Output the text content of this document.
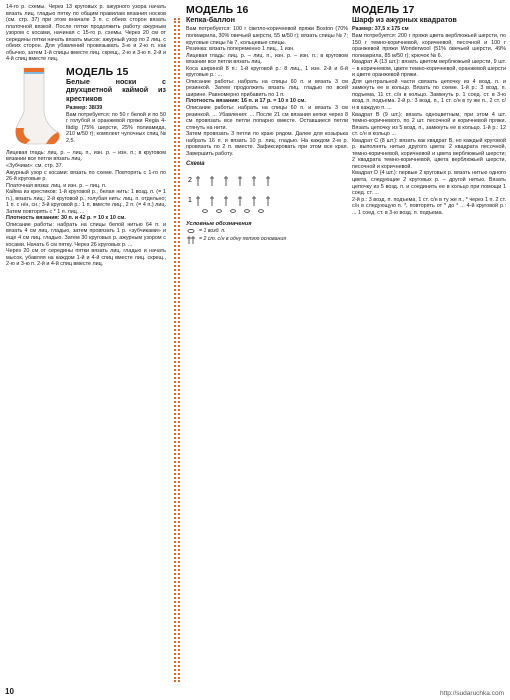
14-го р. схемы. Через 13 круговых р. ажурного узора начать вязать лиц. гладью пятку по общим правилам вязания носков (см. стр. 37) при этом вначале 3 п. с обеих сторон вязать платочной вязкой. После пятки продолжить работу ажурным узором с косами, начиная с 15-го р. схемы. Через 20 см от середины пятки начать вязать мысок: ажурный узор по 2 лиц. с обеих сторон. Для убавлений провязывать 3-ю и 2-ю п. как обычно, затем 1-й спицы вместе лиц. скрещ., 2-ю и 3-ю п. 2-й и 4-й спиц вместе лиц.

МОДЕЛЬ 15
Белые носки с двухцветной каймой из крестиков

Размер: 38/39

Вам потребуется: по 50 г белой и по 50 г голубой и оранжевой пряжи Regia 4-fädig (75% шерсти, 25% полиамида, 210 м/50 г); комплект чулочных спиц № 2,5.

Лицевая гладь: лиц. р. – лиц. п., изн. р. – изн. п.; в круговом вязании все петли вязать лиц.

«Зубчики»: см. стр. 37.

Ажурный узор с косами: вязать по схеме. Повторять с 1-го по 26-й круговые р.

Платочная вязка: лиц. и изн. р. – лиц. п.

Кайма из крестиков: 1-й круговой р., белая нить: 1 возд. п. (= 1 п.), вязать лиц.; 2-й круговой р., голубая нить: лиц. п. отдельно; 1 п. с н/н, сн.; 3-й круговой р.: 1 п. вместе лиц., 2 п. (= 4 п.) лиц. Затем повторять с * 1 п. лиц. ...

Плотность вязания: 30 п. и 42 р. = 10 х 10 см.

Описание работы: набрать на спицы белой нитью 64 п. и вязать 4 см лиц. гладью, затем провязать 1 р. «зубчиками» и еще 4 см лиц. гладью. Затем 30 круговых р. ажурным узором с косами. Начать 6 см пятку. Через 26 круговых р. ...

Через 20 см от середины пятки вязать лиц. гладью и начать мысок, убавляя на каждом 1-й и 4-й спиц вместе лиц. скрещ., 2-ю и 3-ю п. 2-й и 4-й спиц вместе лиц.

МОДЕЛЬ 16
Кепка-баллон

Вам потребуется: 100 г светло-коричневой пряжи Boston (70% полиакрила, 30% овечьей шерсти, 55 м/50 г); вязать спицы № 7; круговые спицы № 7, кольцевые спицы.

Резинка: вязать попеременно 1 лиц., 1 изн.

Лицевая гладь: лиц. р. – лиц. п., изн. р. – изн. п.; в круговом вязании все петли вязать лиц.

Коса шириной 8 п.: 1-й круговой р.: 8 лиц., 1 изн. 2-й и 6-й круговые р.: ...

Описание работы: набрать на спицы 60 п. и вязать 3 см резинкой. Затем продолжить вязать лиц. гладью по всей ширине. Равномерно прибавить по 1 п.

Плотность вязания: 16 п. и 17 р. = 10 х 10 см.

Описание работы: набрать на спицы 60 п. и вязать 3 см резинкой. ... Убавления: ... После 21 см вязания кепки через 8 см провязать все петли попарно вместе. Оставшиеся петли стянуть на нити.

Затем провязать 3 петли по краю рядом. Далее для козырька набрать 16 п. и вязать 10 р. лиц. гладью. На каждом 2-м р. провязать по 2 п. вместе. Зафиксировать при этом все края. Завершить работу.

Схема
2
1
Условные обозначения
= 1 возд. п.
= 2 ст. с/н в одну петлю основания
МОДЕЛЬ 17
Шарф из ажурных квадратов

Размер: 37,5 х 175 см

Вам потребуется: 200 г пряжи цвета верблюжьей шерсти, по 150 г темно-коричневой, коричневой, песочной и 100 г оранжевой пряжи Wonderwool (51% овечьей шерсти, 49% полиакрила, 85 м/50 г); крючок № 6.

Квадрат А (13 шт.): вязать цветом верблюжьей шерсти, 9 шт. – в коричневом, цвете темно-коричневой, оранжевой шерсти и цвете оранжевой пряжи.

Для центральной части связать цепочку из 4 возд. п. и замкнуть ее в кольцо. Вязать по схеме. 1-й р.: 3 возд. п. подъема, 11 ст. с/н в кольцо. Замкнуть р. 1 соед. ст. в 3-ю возд. п. подъема. 2-й р.: 3 возд. п., 1 ст. с/н в ту же п., 2 ст. с/н в каждую п. ...

Квадрат В (9 шт.): вязать одноцветным, при этом 4 шт. темно-коричневого, по 2 шт. песочной и коричневой пряжи. Вязать цепочку из 5 возд. п., замкнуть ее в кольцо. 1-й р.: 12 ст. с/н в кольцо ...

Квадрат С (8 шт.): вязать как квадрат В, но каждый круговой р. выполнять нитью другого цвета: 2 квадрата песочной, темно-коричневой, коричневой и цвета верблюжьей шерсти; 2 квадрата темно-коричневой, цвета верблюжьей шерсти, песочной и коричневой.

Квадрат D (4 шт.): первые 2 круговых р. вязать нитью одного цвета, следующие 2 круговых р. – другой нитью. Вязать цепочку из 5 возд. п. и соединить ее в кольцо при помощи 1 соед. ст. ...

2-й р.: 3 возд. п. подъема, 1 ст. с/н в ту же п., * через 1 п. 2 ст. с/н в следующую п. *, повторять от * до * ... 4-й круговой р.: ... 1 соед. ст. в 3-ю возд. п. подъема.

10	http://sudaruchka.com
